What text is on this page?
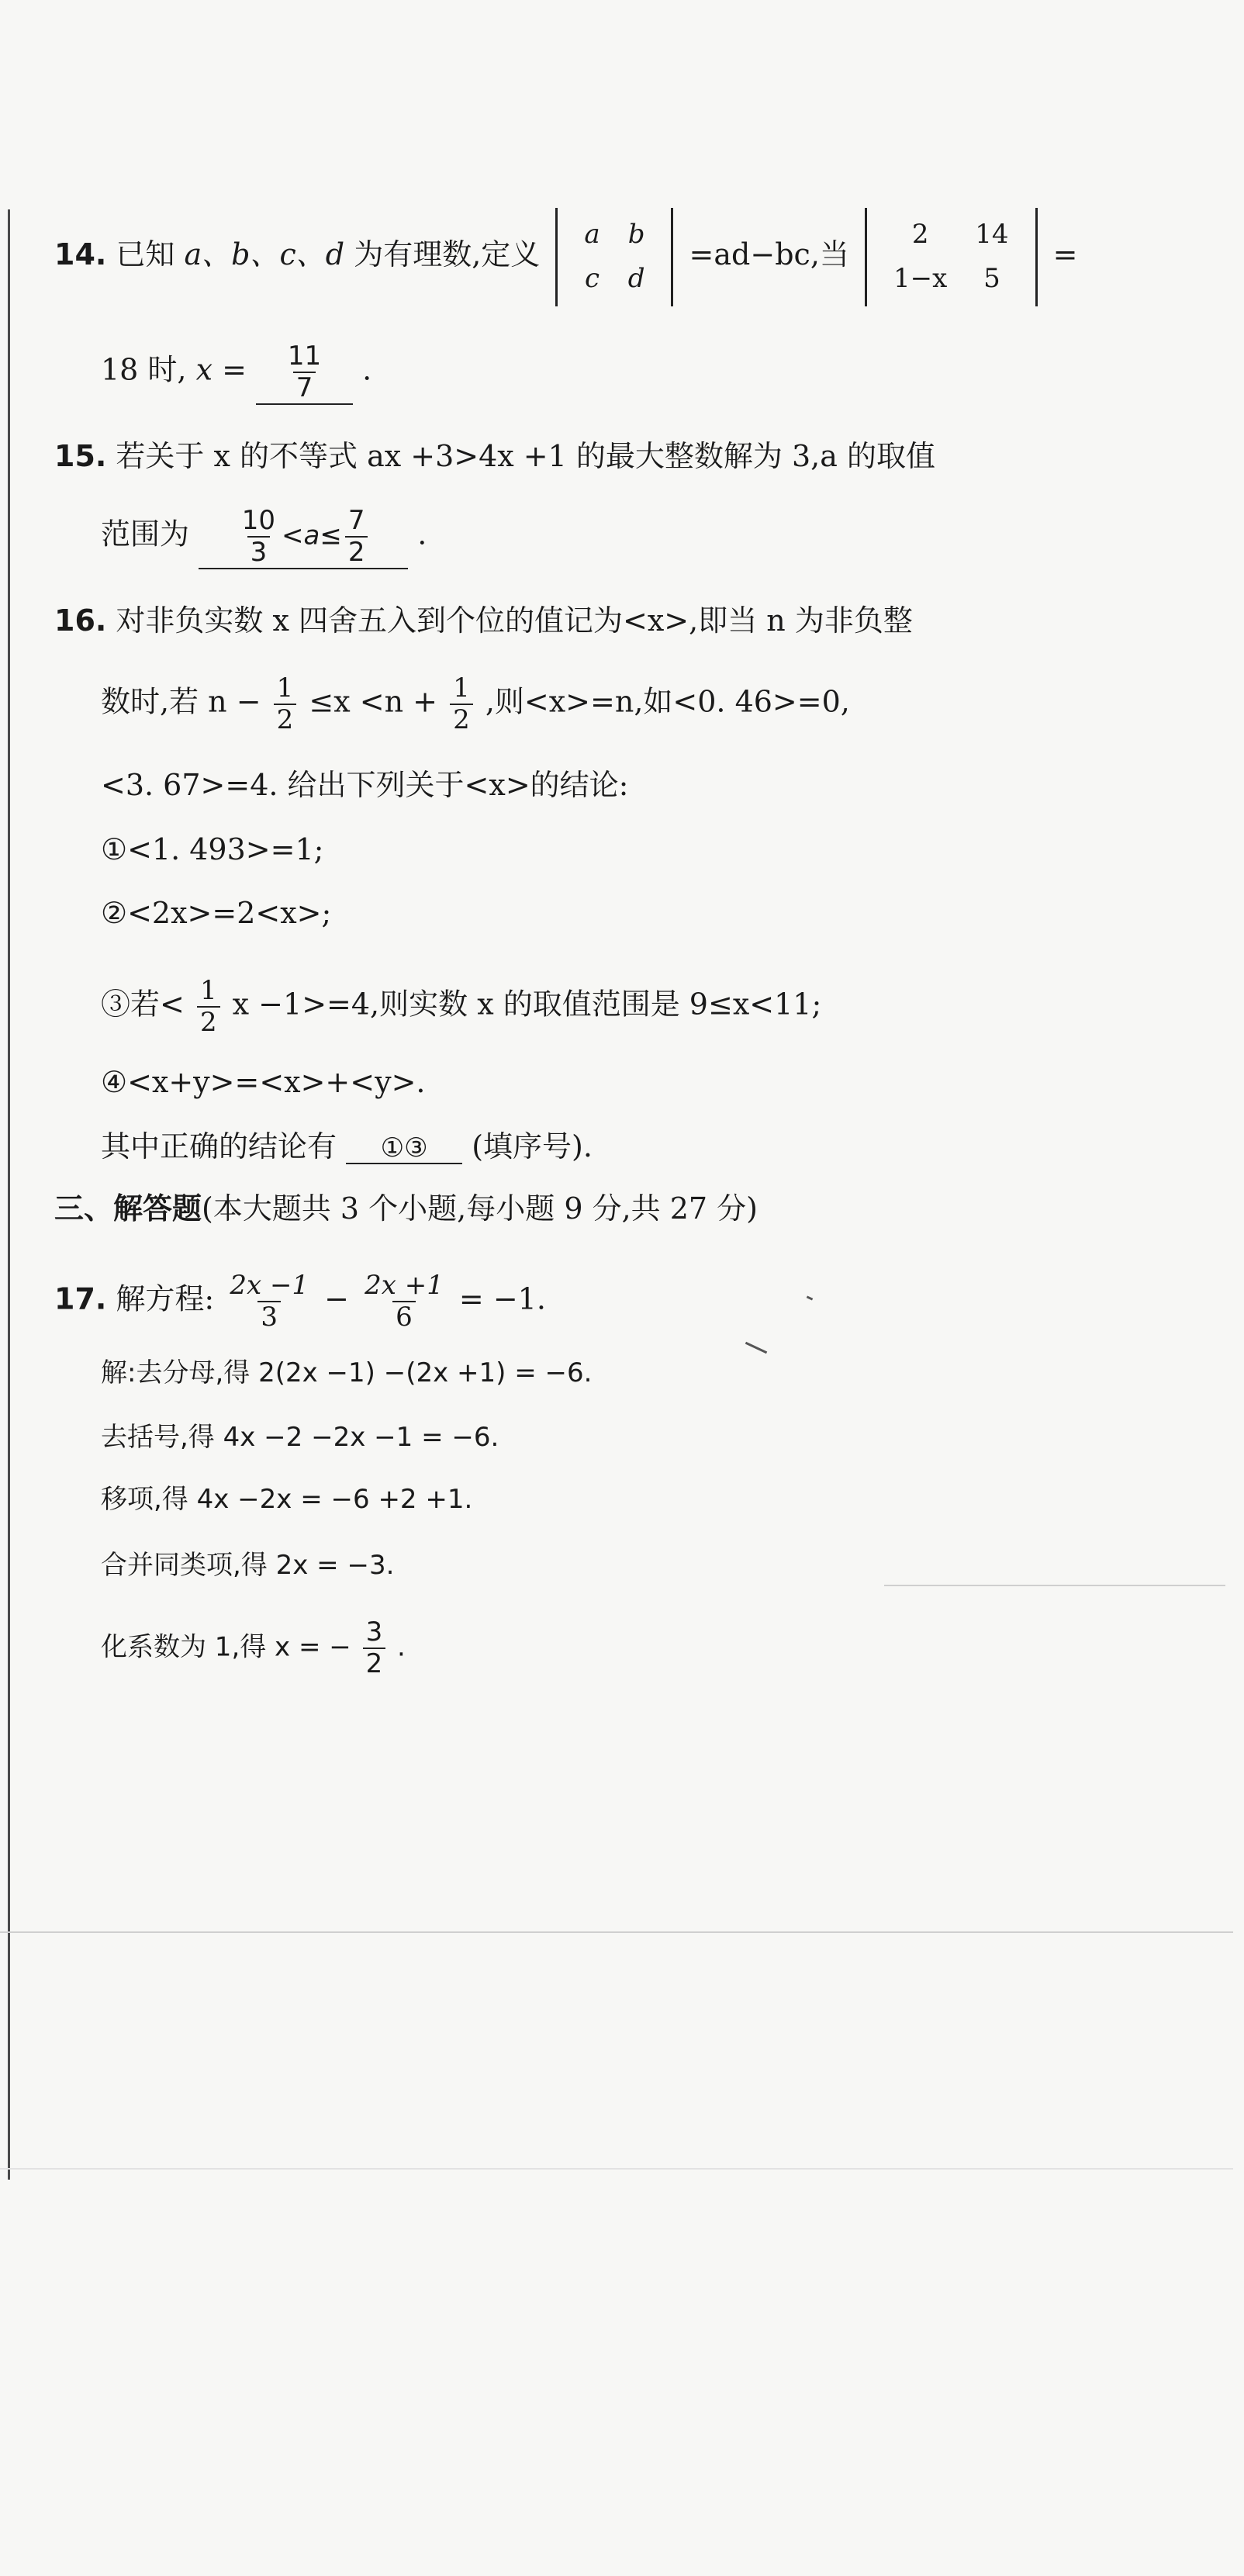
14. 已知 a、b、c、d 为有理数,定义
a	b
c	d
=ad−bc,当
2	14
1−x	5
=
18 时, $x = \frac{11}{7}$ .
15. 若关于 x 的不等式 ax +3>4x +1 的最大整数解为 3,a 的取值
范围为 $\frac{10}{3} <a\le \frac{7}{2}$ .
16. 对非负实数 x 四舍五入到个位的值记为<x>,即当 n 为非负整
数时,若 $n - \frac{1}{2} \le x <n + \frac{1}{2}$ ,则<x>=n,如<0. 46>=0,
<3. 67>=4. 给出下列关于<x>的结论:
①<1. 493>=1;
②<2x>=2<x>;
③若< $\frac{1}{2}$ x −1>=4,则实数 x 的取值范围是 9≤x<11;
④<x+y>=<x>+<y>.
其中正确的结论有 ①③ (填序号).
三、解答题(本大题共 3 个小题,每小题 9 分,共 27 分)
17. 解方程: $\frac{2x -1}{3} - \frac{2x +1}{6} = -1$.
解:去分母,得 2(2x −1) −(2x +1) = −6.
去括号,得 4x −2 −2x −1 = −6.
移项,得 4x −2x = −6 +2 +1.
合并同类项,得 2x = −3.
化系数为 1,得 x = − $\frac{3}{2}$ .
